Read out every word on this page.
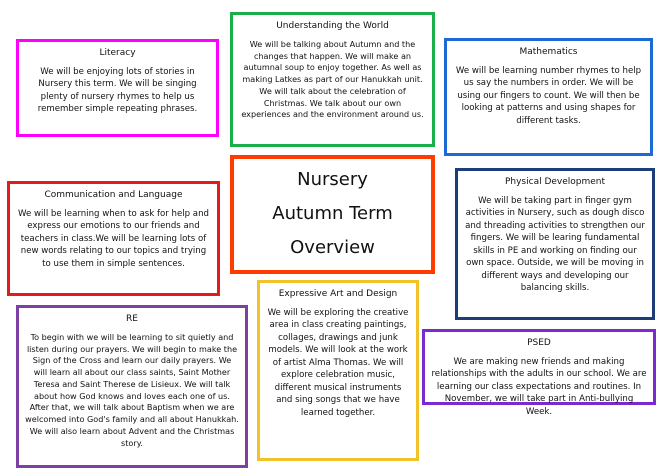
Literacy
We will be enjoying lots of stories in Nursery this term. We will be singing plenty of nursery rhymes to help us remember simple repeating phrases.
Understanding the World
We will be talking about Autumn and the changes that happen. We will make an autumnal soup to enjoy together. As well as making Latkes as part of our Hanukkah unit. We will talk about the celebration of Christmas. We talk about our own experiences and the environment around us.
Mathematics
We will be learning number rhymes to help us say the numbers in order. We will be using our fingers to count. We will then be looking at patterns and using shapes for different tasks.
Communication and Language
We will be learning when to ask for help and express our emotions to our friends and teachers in class.We will be learning lots of new words relating to our topics and trying to use them in simple sentences.
Nursery
Autumn Term
Overview
Physical Development
We will be taking part in finger gym activities in Nursery, such as dough disco and threading activities to strengthen our fingers. We will be learing fundamental skills in PE and working on finding our own space. Outside, we will be moving in different ways and developing our balancing skills.
Expressive Art and Design
We will be exploring the creative area in class creating paintings, collages, drawings and junk models. We will look at the work of artist Alma Thomas. We will explore celebration music, different musical instruments and sing songs that we have learned together.
RE
To begin with we will be learning to sit quietly and listen during our prayers. We will begin to make the Sign of the Cross and learn our daily prayers. We will learn all about our class saints, Saint Mother Teresa and Saint Therese de Lisieux. We will talk about how God knows and loves each one of us. After that, we will talk about Baptism when we are welcomed into God's family and all about Hanukkah. We will also learn about Advent and the Christmas story.
PSED
We are making new friends and making relationships with the adults in our school. We are learning our class expectations and routines. In November, we will take part in Anti-bullying Week.
